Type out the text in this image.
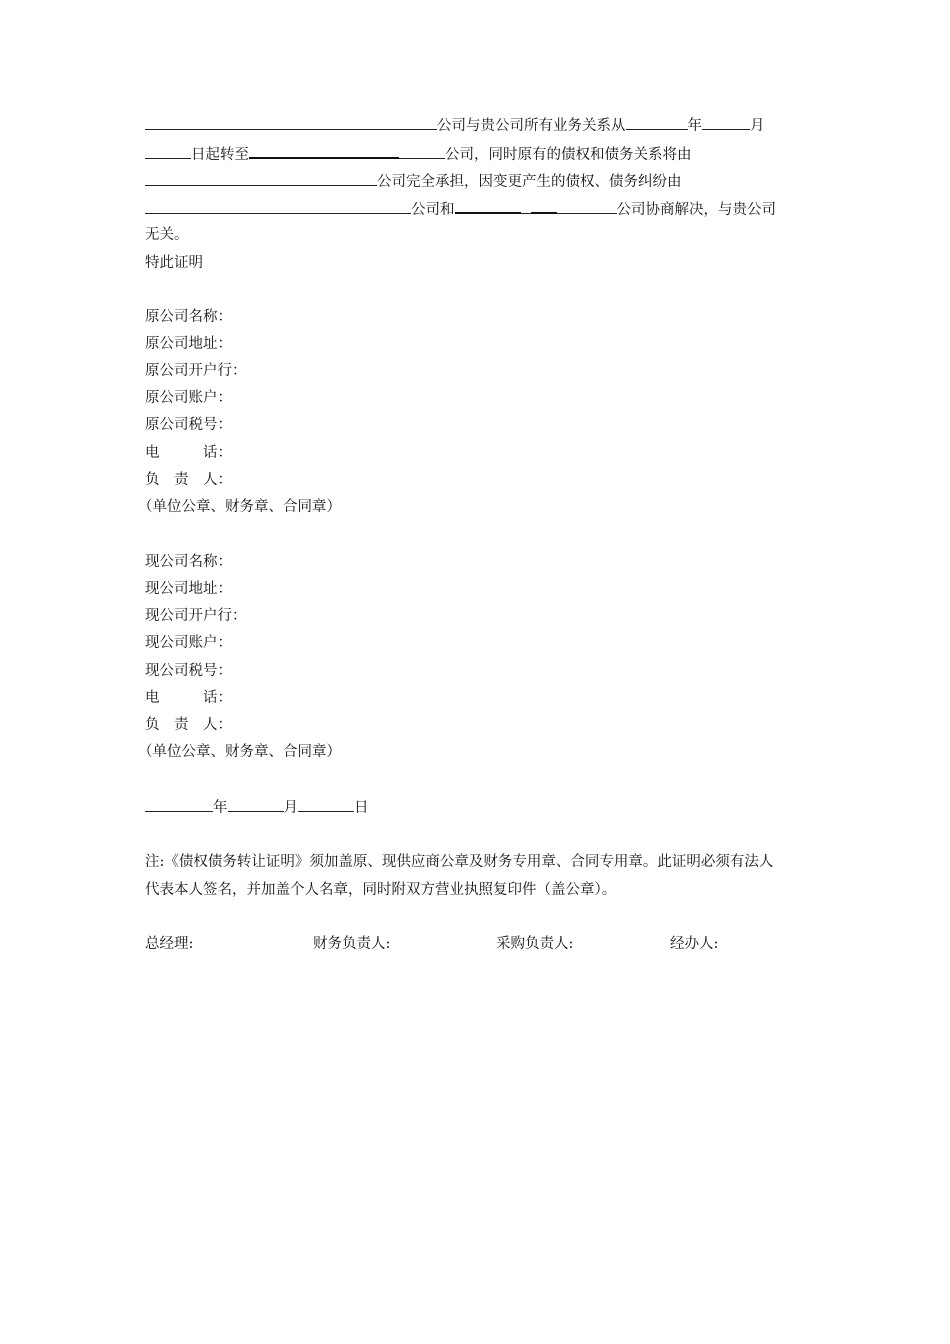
公司与贵公司所有业务关系从	年	月
日起转至	公司，同时原有的债权和债务关系将由
公司完全承担，因变更产生的债权、债务纠纷由
公司和	公司协商解决，与贵公司
无关。
特此证明
原公司名称：
原公司地址：
原公司开户行：
原公司账户：
原公司税号：
电　　　话：
负　责　人：
（单位公章、财务章、合同章）
现公司名称：
现公司地址：
现公司开户行：
现公司账户：
现公司税号：
电　　　话：
负　责　人：
（单位公章、财务章、合同章）
年	月	日
注:《债权债务转让证明》须加盖原、现供应商公章及财务专用章、合同专用章。此证明必须有法人
代表本人签名，并加盖个人名章，同时附双方营业执照复印件（盖公章）。
总经理:	财务负责人:	采购负责人:	经办人:
